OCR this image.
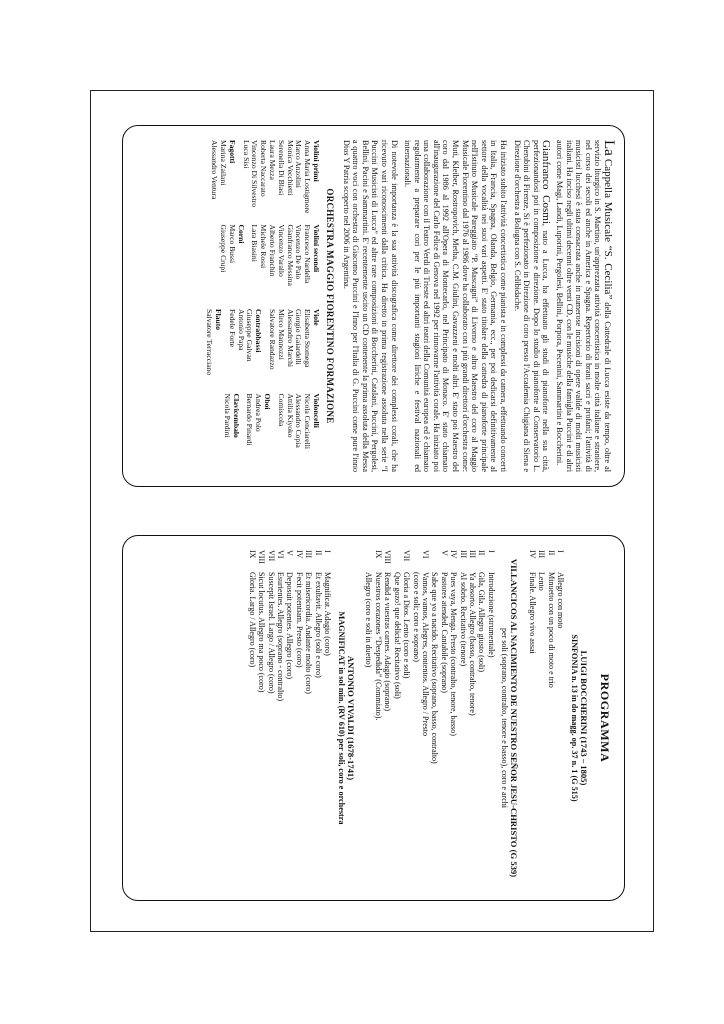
La Cappella Musicale “S. Cecilia” della Cattedrale di Lucca esiste da tempo, oltre al servizio liturgico in S. Martino, un'apprezzata attività concertistica in molte città italiane e straniere, nel corso dei secoli ed anche in America e Spagna. Repertorio di brani sacri e profani; l'attività di musicisti lucchesi è stata consacrata anche in numerose incisioni di opere valide di molti musicisti italiani. Ha inciso negli ultimi decenni oltre venti CD, con le musiche della famiglia Puccini e di altri autori come Magi, Landi, Luporini, Pergolesi, Bellini, Porpora, Pecenini, Sammartini e Boccherini.

Gianfranco Cosmi, nato a Lucca, ha effettuato gli studi di pianoforte nella sua città, perfezionandosi poi in composizione e direzione. Dopo lo studio di pianoforte al Conservatorio L. Cherubini di Firenze, Si è perfezionato in Direzione di coro presso l'Accademia Chigiana di Siena e Direzione d'orchestra a Bologna con S. Celibidache.

Ha iniziato subito l'attività concertistica come pianista e in complessi da camera, effettuando concerti in Italia, Francia, Spagna, Olanda, Belgio, Germania, ecc., per poi dedicarsi definitivamente al settore della vocalità nei suoi vari aspetti. E' stato titolare della cattedra di pianoforte principale nell'Istituto Musicale Pareggiato “P. Mascagni” di Livorno e altro Maestro del coro al Maggio Musicale Fiorentino dal 1976 al 1986 dove ha collaborato con i più grandi direttori d'orchestra come: Muti, Kleiber, Rostropovich, Metha, C.M. Giulini, Gavazzeni e molti altri. E' stato poi Maestro del coro dal 1986 al 1992 all'Opera di Montecarlo, nel Principato di Monaco. E' stato chiamato all'inaugurazione del Carlo Felice di Genova nel 1992 per rinnovarne l'attività corale. Ha iniziato poi una collaborazione con il Teatro Verdi di Trieste ed altri teatri della Comunità europea ed è chiamato regolarmente a preparare cori per le più importanti stagioni liriche e festival nazionali ed internazionali.

Di notevole importanza è la sua attività discografica come direttore dei complessi corali, che ha ricevuto vari riconoscimenti dalla critica. Ha diretto in prima registrazione assoluta nella serie “I Puccini Musicisti di Lucca” ed altre rare composizioni di Boccherini, Catalani, Puccini, Pergolesi, Bellini, Pacini e Sammartini. E' recentemente uscito un CD contenente la prima assoluta della Messa a quattro voci con orchestra di Giacomo Puccini e l'Inno per l'Italia di G. Puccini come pure l'inno Dios Y Patria scoperto nel 2006 in Argentina.

ORCHESTRA MAGGIO FIORENTINO FORMAZIONE
Violini primi
Anna Maria Lostigmore
Marco Anzolini
Monica Vecchietti
Serenella Di Blasi
Laura Mezza
Roberta Naccarato
Vincenzo Di Silvestro
Luca Sisi
Fagotti
Marina Zailani
Alessandro Ventura
Violini secondi
Francesco Nardella
Vincenzo De Palo
Gianfranco Messina
Vincenzo Varallo
Alberto Franchin
Michele Rossi
Lara Biasini
Corni
Marco Bussi
Giuseppe Crupi
Viole
Elisabetta Stomega
Giorgio Gaiardelli
Alessandro Marchi
Mirco Mannozzi
Salvatore Randazzo
Contrabbassi
Giuseppe Galvan
Antonio Papa
Fedele Forte
Flauto
Salvatore Terracciano
Violoncelli
Nicola Cenciarelli
Alessandro Copia
Attilia Kiyoko Corniscola
Oboi
Andrea Polo
Bernardo Pinardi
Clavicembalo
Nicola Pardini
PROGRAMMA
LUIGI BOCCHERINI (1743 – 1805)
SINFONIA n. 13 in do magg. op. 37 n. 1 (G 515)
I
Allegro con moto
II
Minuetto con un poco di moto e trio
III
Lento
IV
Finale. Allegro vivo assai
VILLANCICOS AL NACIMIENTO DE NUESTRO SEÑOR JESU-CHRISTO (G 539)
per soli (soprano, contralto, tenore e basso), coro e archi
I
Introduzione (strumentale)
II
Gila, Gila. Allegro giusto (soli)
III
Ya absorto. Allegro (basso, contralto, tenore)
III
Al sobrio. Recitativo (tenore)
IV
Pues vaya, Menga. Presto (contralto, tenore, basso)
V
Pastores atended. Cantabile (soprano)
Sabe que yo a nacido. Recitativo (soprano, basso, contralto)
VI
Vamos, vamos, Alegres, contentos. Allegro / Presto
(coro e soli; coro e soprano)
VII
Gloria a Dios. Lento (coro e soli)
Que gozo! que delicia! Recitativo (soli)
VIII
Rendid a vuestras carnes. Adagio (soprano)
IX
Nuestros corazones “Despedida” (Commiato).
Allegro (coro e soli in duetto)
ANTONIO VIVALDI (1678-1741)
MAGNIFICAT in sol min. (RV 610) per soli, coro e orchestra
I
Magnificat. Adagio (coro)
II
Et exultavit. Allegro (soli e coro)
III
Et misericordia. Andante molto (coro)
IV
Fecit potentiam. Presto (coro)
V
Deposuit potentes. Allegro (coro)
VI
Esurientes. Allegro (soprano - contralto)
VII
Suscepit Israel. Largo / Allegro (coro)
VIII
Sicut locutus. Allegro ma poco (coro)
IX
Gloria. Largo / Allegro (coro)
